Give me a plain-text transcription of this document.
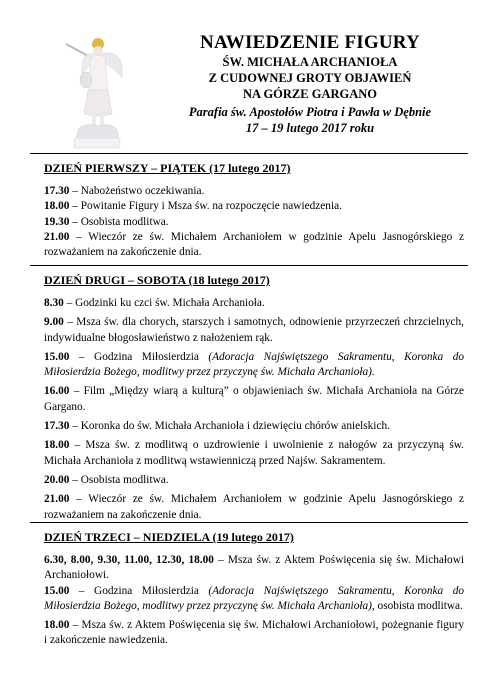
NAWIEDZENIE FIGURY
ŚW. MICHAŁA ARCHANIOŁA
Z CUDOWNEJ GROTY OBJAWIEŃ
NA GÓRZE GARGANO
Parafia św. Apostołów Piotra i Pawła w Dębnie
17 – 19 lutego 2017 roku

DZIEŃ PIERWSZY – PIĄTEK (17 lutego 2017)

17.30 – Nabożeństwo oczekiwania.

18.00 – Powitanie Figury i Msza św. na rozpoczęcie nawiedzenia.

19.30 – Osobista modlitwa.

21.00 – Wieczór ze św. Michałem Archaniołem w godzinie Apelu Jasnogórskiego z rozważaniem na zakończenie dnia.

DZIEŃ DRUGI – SOBOTA (18 lutego 2017)

8.30 – Godzinki ku czci św. Michała Archanioła.

9.00 – Msza św. dla chorych, starszych i samotnych, odnowienie przyrzeczeń chrzcielnych, indywidualne błogosławieństwo z nałożeniem rąk.

15.00 – Godzina Miłosierdzia (Adoracja Najświętszego Sakramentu, Koronka do Miłosierdzia Bożego, modlitwy przez przyczynę św. Michała Archanioła).

16.00 – Film „Między wiarą a kulturą” o objawieniach św. Michała Archanioła na Górze Gargano.

17.30 – Koronka do św. Michała Archanioła i dziewięciu chórów anielskich.

18.00 – Msza św. z modlitwą o uzdrowienie i uwolnienie z nałogów za przyczyną św. Michała Archanioła z modlitwą wstawienniczą przed Najśw. Sakramentem.

20.00 – Osobista modlitwa.

21.00 – Wieczór ze św. Michałem Archaniołem w godzinie Apelu Jasnogórskiego z rozważaniem na zakończenie dnia.

DZIEŃ TRZECI – NIEDZIELA (19 lutego 2017)

6.30, 8.00, 9.30, 11.00, 12.30, 18.00 – Msza św. z Aktem Poświęcenia się św. Michałowi Archaniołowi.

15.00 – Godzina Miłosierdzia (Adoracja Najświętszego Sakramentu, Koronka do Miłosierdzia Bożego, modlitwy przez przyczynę św. Michała Archanioła), osobista modlitwa.

18.00 – Msza św. z Aktem Poświęcenia się św. Michałowi Archaniołowi, pożegnanie figury i zakończenie nawiedzenia.
